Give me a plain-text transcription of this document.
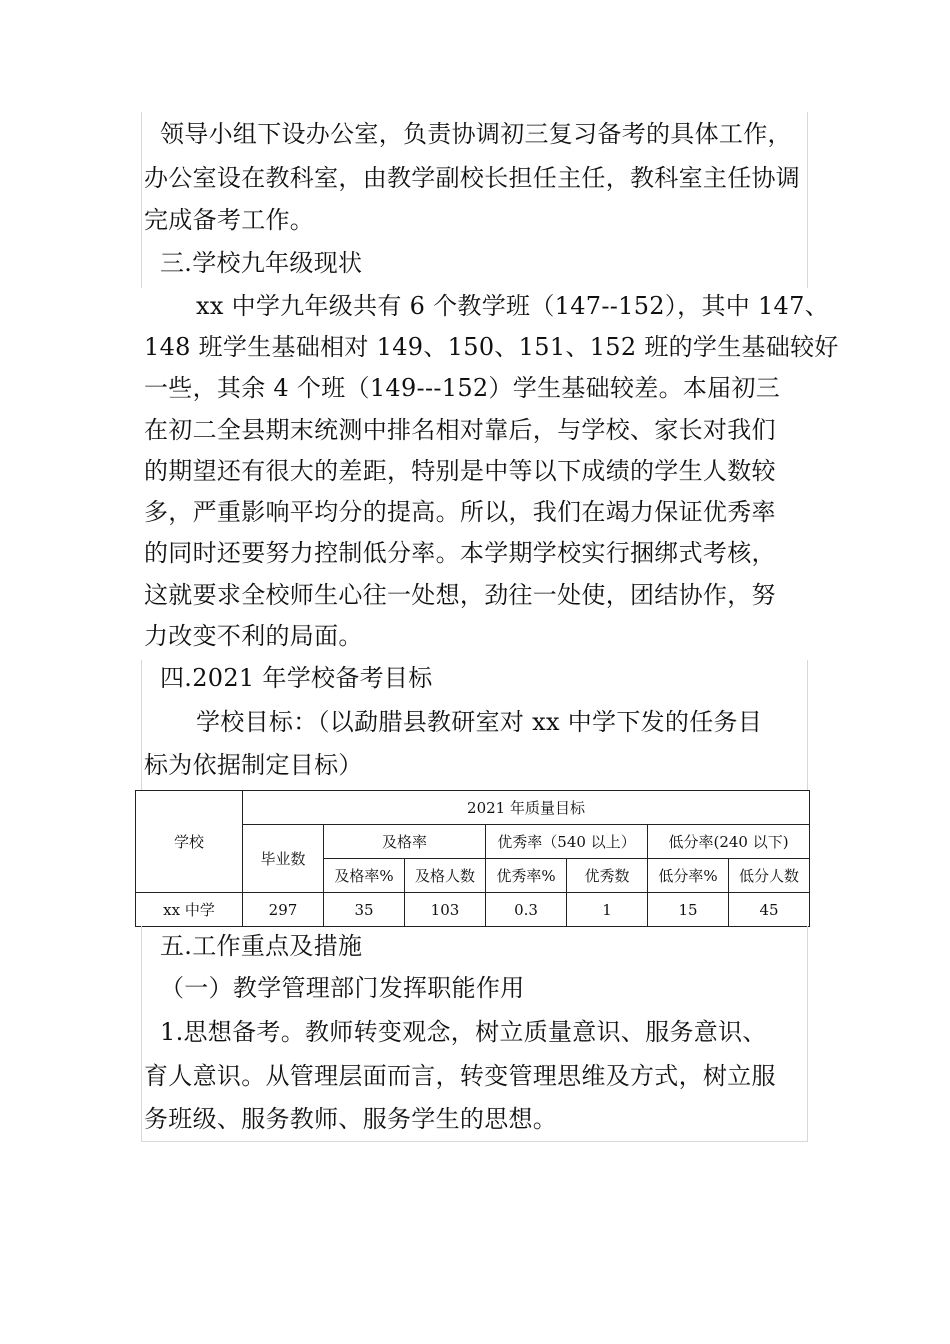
领导小组下设办公室，负责协调初三复习备考的具体工作，
办公室设在教科室，由教学副校长担任主任，教科室主任协调
完成备考工作。
三.学校九年级现状
xx 中学九年级共有 6 个教学班（147--152），其中 147、
148 班学生基础相对 149、150、151、152 班的学生基础较好
一些，其余 4 个班（149---152）学生基础较差。本届初三
在初二全县期末统测中排名相对靠后，与学校、家长对我们
的期望还有很大的差距，特别是中等以下成绩的学生人数较
多，严重影响平均分的提高。所以，我们在竭力保证优秀率
的同时还要努力控制低分率。本学期学校实行捆绑式考核，
这就要求全校师生心往一处想，劲往一处使，团结协作，努
力改变不利的局面。
四.2021 年学校备考目标
学校目标：（以勐腊县教研室对 xx 中学下发的任务目
标为依据制定目标）
学校	2021 年质量目标						
	毕业数	及格率		优秀率（540 以上）		低分率(240 以下)	
		及格率%	及格人数	优秀率%	优秀数	低分率%	低分人数
xx 中学	297	35	103	0.3	1	15	45
五.工作重点及措施
（一）教学管理部门发挥职能作用
1.思想备考。教师转变观念，树立质量意识、服务意识、
育人意识。从管理层面而言，转变管理思维及方式，树立服
务班级、服务教师、服务学生的思想。
